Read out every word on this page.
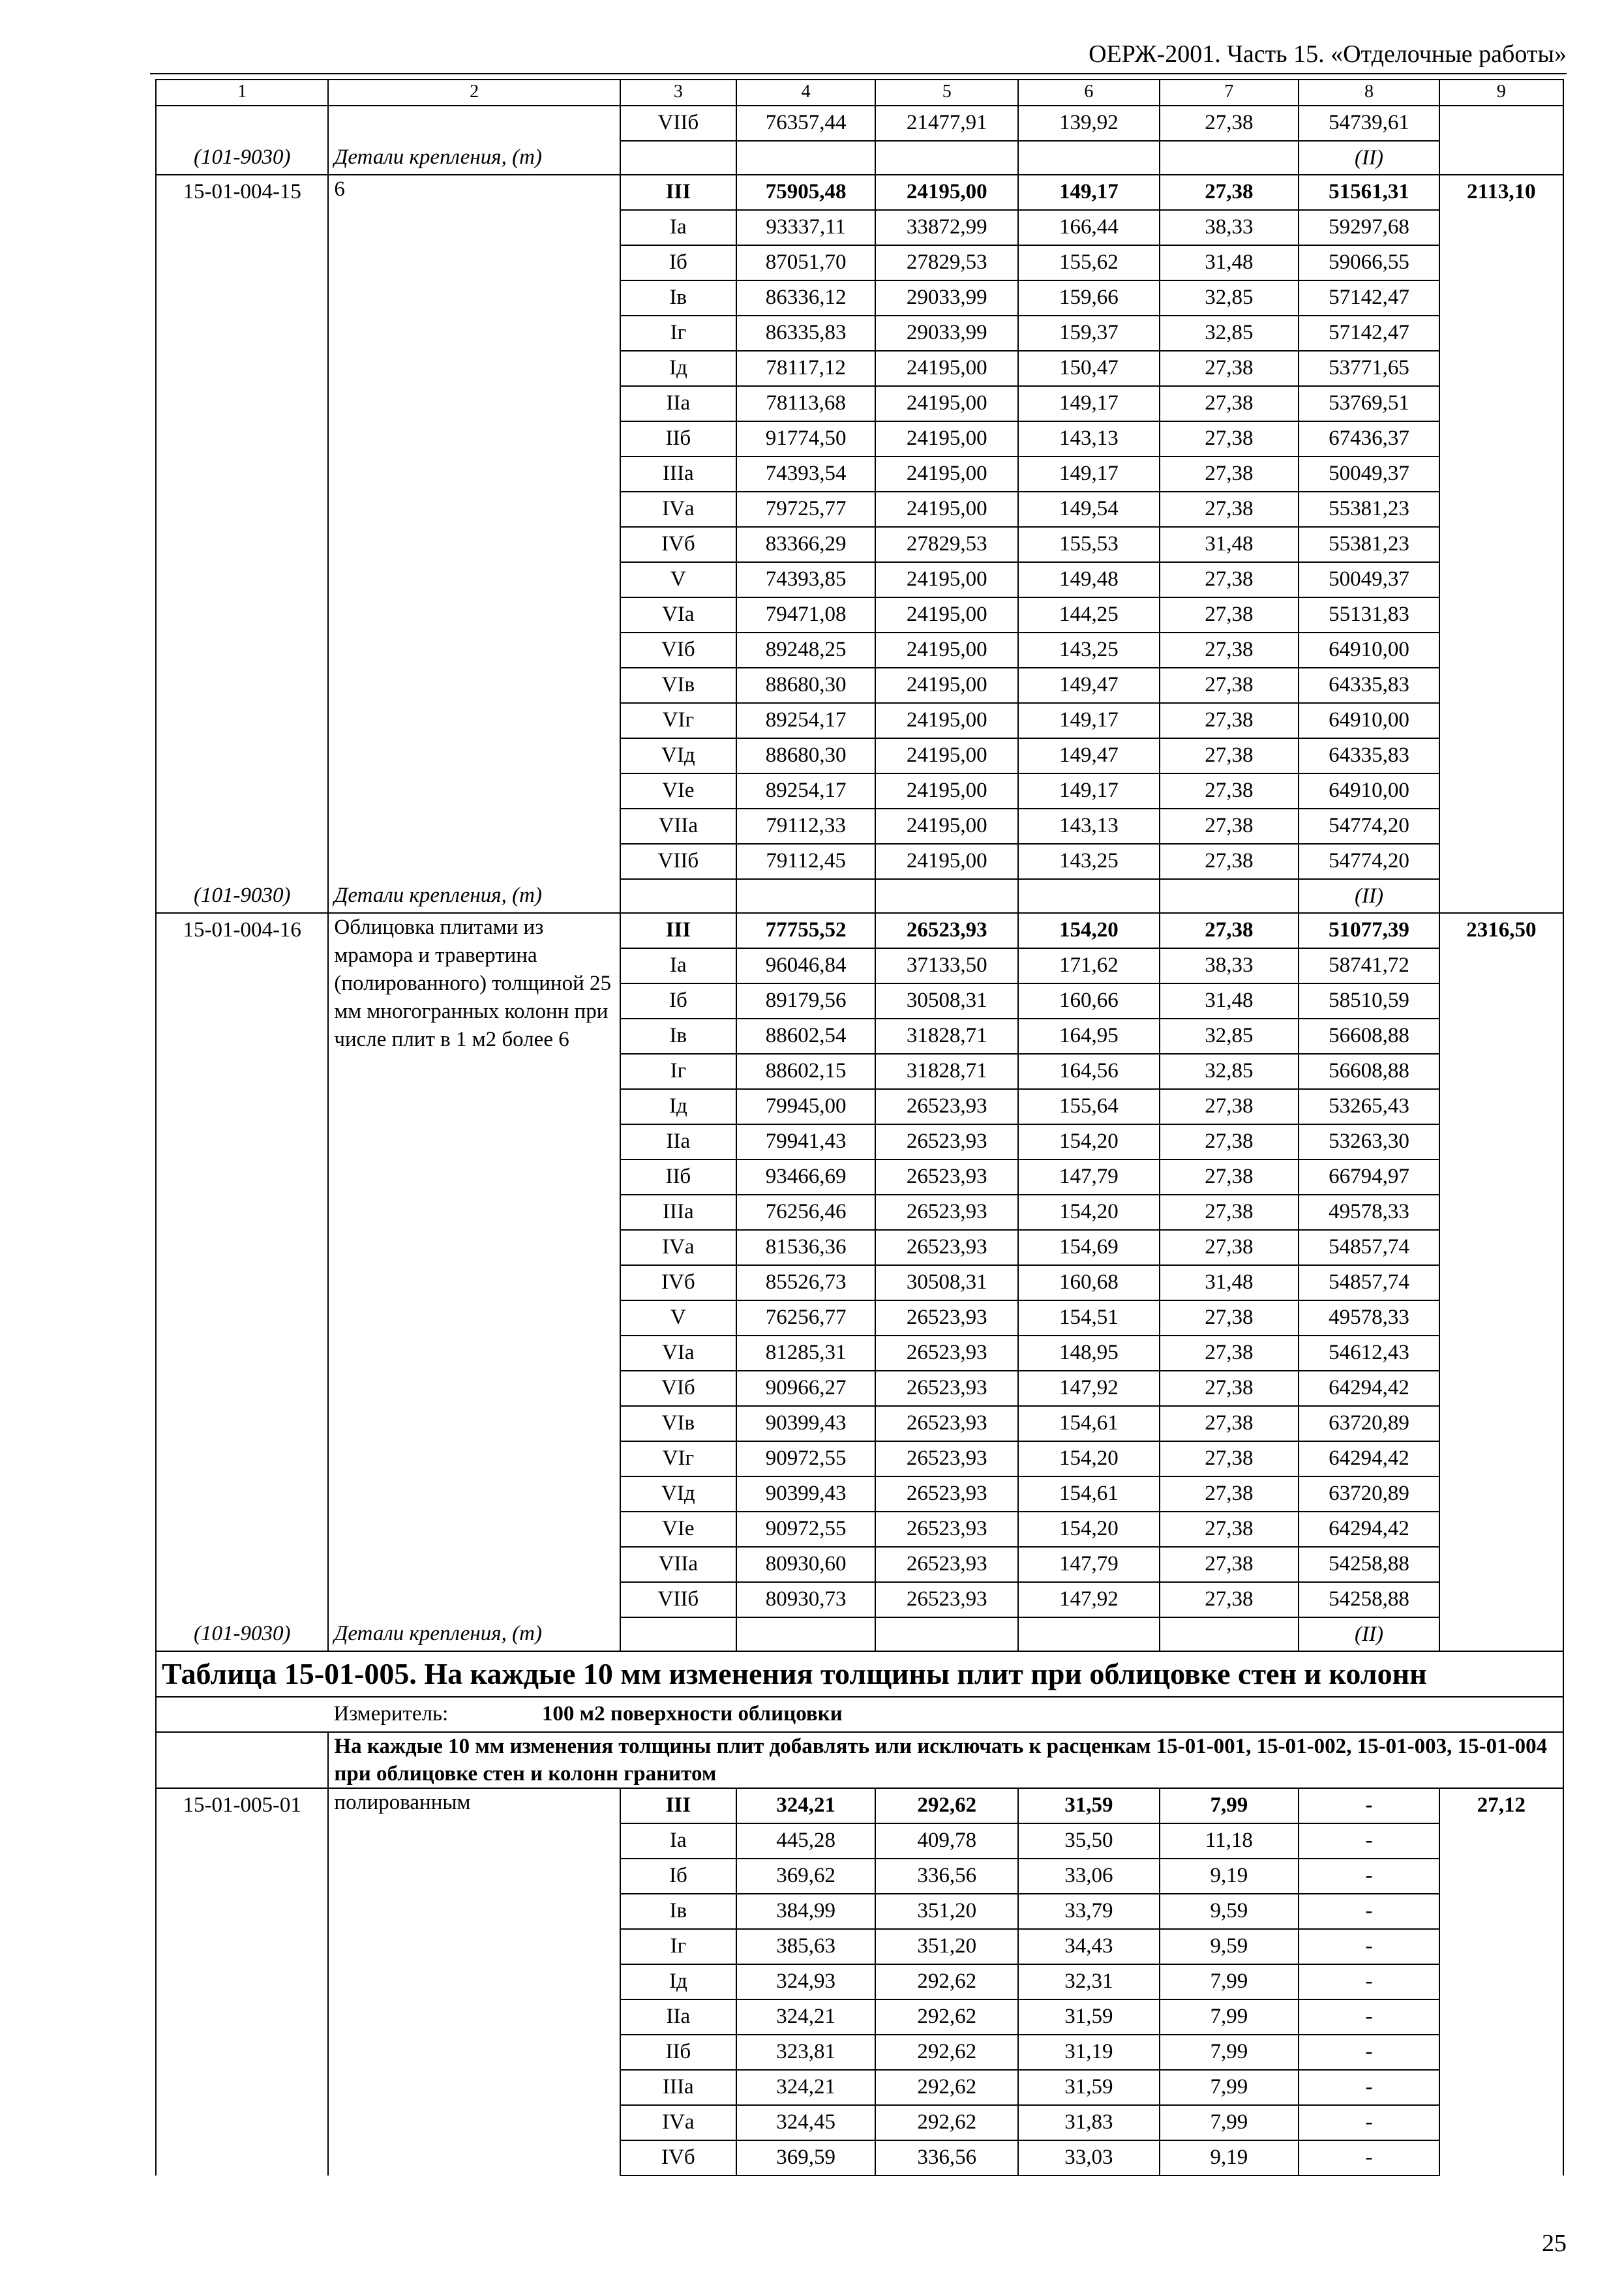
ОЕРЖ-2001. Часть 15. «Отделочные работы»
1	2	3	4	5	6	7	8	9
		VIIб	76357,44	21477,91	139,92	27,38	54739,61	
(101-9030)	Детали крепления, (т)						(II)	
15-01-004-15	6	III	75905,48	24195,00	149,17	27,38	51561,31	2113,10
		Iа	93337,11	33872,99	166,44	38,33	59297,68	
		Iб	87051,70	27829,53	155,62	31,48	59066,55	
		Iв	86336,12	29033,99	159,66	32,85	57142,47	
		Iг	86335,83	29033,99	159,37	32,85	57142,47	
		Iд	78117,12	24195,00	150,47	27,38	53771,65	
		IIа	78113,68	24195,00	149,17	27,38	53769,51	
		IIб	91774,50	24195,00	143,13	27,38	67436,37	
		IIIа	74393,54	24195,00	149,17	27,38	50049,37	
		IVа	79725,77	24195,00	149,54	27,38	55381,23	
		IVб	83366,29	27829,53	155,53	31,48	55381,23	
		V	74393,85	24195,00	149,48	27,38	50049,37	
		VIа	79471,08	24195,00	144,25	27,38	55131,83	
		VIб	89248,25	24195,00	143,25	27,38	64910,00	
		VIв	88680,30	24195,00	149,47	27,38	64335,83	
		VIг	89254,17	24195,00	149,17	27,38	64910,00	
		VIд	88680,30	24195,00	149,47	27,38	64335,83	
		VIе	89254,17	24195,00	149,17	27,38	64910,00	
		VIIа	79112,33	24195,00	143,13	27,38	54774,20	
		VIIб	79112,45	24195,00	143,25	27,38	54774,20	
(101-9030)	Детали крепления, (т)						(II)	
15-01-004-16	Облицовка плитами из мрамора и травертина (полированного) толщиной 25 мм многогранных колонн при числе плит в 1 м2 более 6	III	77755,52	26523,93	154,20	27,38	51077,39	2316,50
		Iа	96046,84	37133,50	171,62	38,33	58741,72	
		Iб	89179,56	30508,31	160,66	31,48	58510,59	
		Iв	88602,54	31828,71	164,95	32,85	56608,88	
		Iг	88602,15	31828,71	164,56	32,85	56608,88	
		Iд	79945,00	26523,93	155,64	27,38	53265,43	
		IIа	79941,43	26523,93	154,20	27,38	53263,30	
		IIб	93466,69	26523,93	147,79	27,38	66794,97	
		IIIа	76256,46	26523,93	154,20	27,38	49578,33	
		IVа	81536,36	26523,93	154,69	27,38	54857,74	
		IVб	85526,73	30508,31	160,68	31,48	54857,74	
		V	76256,77	26523,93	154,51	27,38	49578,33	
		VIа	81285,31	26523,93	148,95	27,38	54612,43	
		VIб	90966,27	26523,93	147,92	27,38	64294,42	
		VIв	90399,43	26523,93	154,61	27,38	63720,89	
		VIг	90972,55	26523,93	154,20	27,38	64294,42	
		VIд	90399,43	26523,93	154,61	27,38	63720,89	
		VIе	90972,55	26523,93	154,20	27,38	64294,42	
		VIIа	80930,60	26523,93	147,79	27,38	54258,88	
		VIIб	80930,73	26523,93	147,92	27,38	54258,88	
(101-9030)	Детали крепления, (т)						(II)	
Таблица 15-01-005. На каждые 10 мм изменения толщины плит при облицовке стен и колонн								
	Измеритель:	100 м2 поверхности облицовки						
	На каждые 10 мм изменения толщины плит добавлять или исключать к расценкам 15-01-001, 15-01-002, 15-01-003, 15-01-004 при облицовке стен и колонн гранитом							
15-01-005-01	полированным	III	324,21	292,62	31,59	7,99	-	27,12
		Iа	445,28	409,78	35,50	11,18	-	
		Iб	369,62	336,56	33,06	9,19	-	
		Iв	384,99	351,20	33,79	9,59	-	
		Iг	385,63	351,20	34,43	9,59	-	
		Iд	324,93	292,62	32,31	7,99	-	
		IIа	324,21	292,62	31,59	7,99	-	
		IIб	323,81	292,62	31,19	7,99	-	
		IIIа	324,21	292,62	31,59	7,99	-	
		IVа	324,45	292,62	31,83	7,99	-	
		IVб	369,59	336,56	33,03	9,19	-	
25
